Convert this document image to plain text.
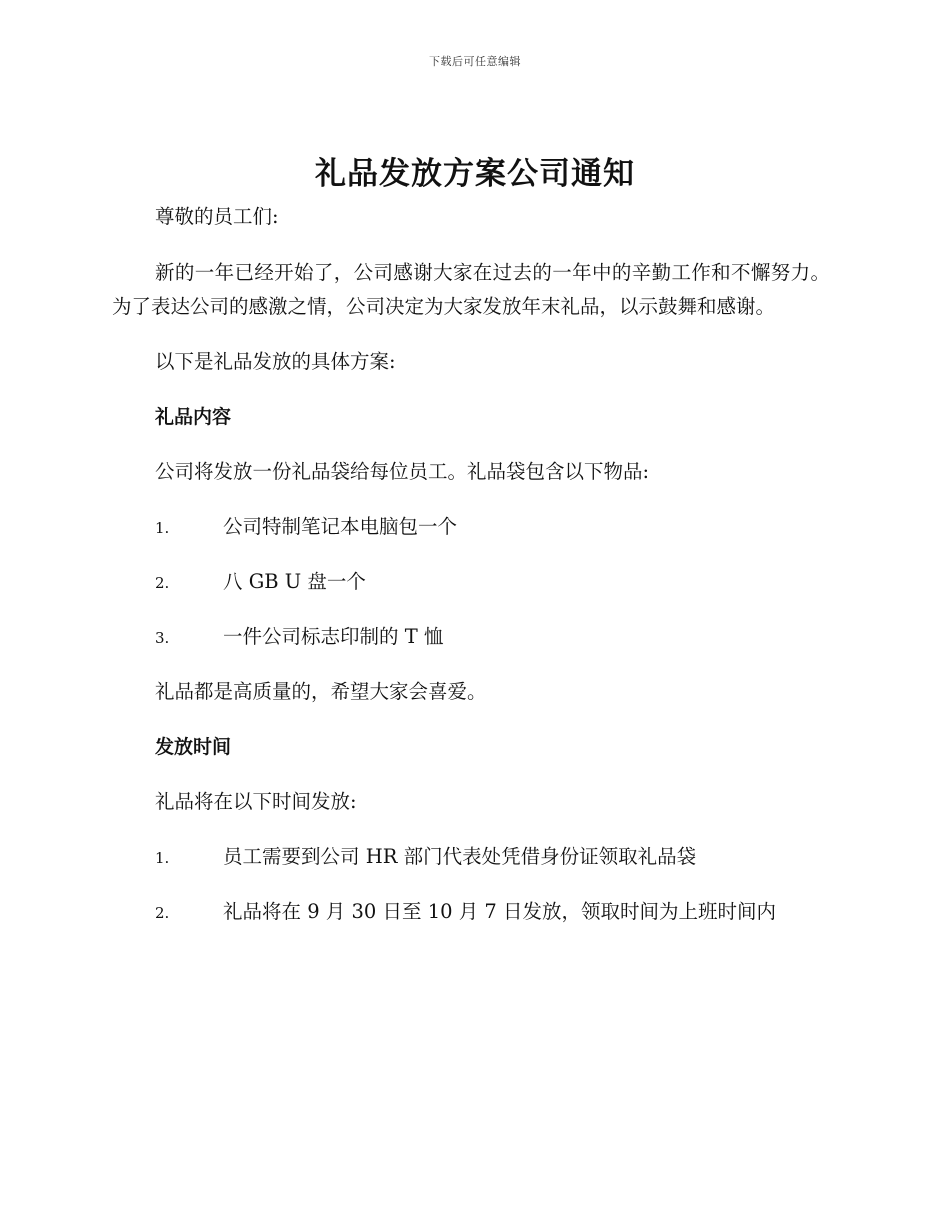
下载后可任意编辑
礼品发放方案公司通知

尊敬的员工们:

新的一年已经开始了，公司感谢大家在过去的一年中的辛勤工作和不懈努力。为了表达公司的感激之情，公司决定为大家发放年末礼品，以示鼓舞和感谢。

以下是礼品发放的具体方案:

礼品内容

公司将发放一份礼品袋给每位员工。礼品袋包含以下物品:

1.	公司特制笔记本电脑包一个
2.	八 GB U 盘一个
3.	一件公司标志印制的 T 恤

礼品都是高质量的，希望大家会喜爱。

发放时间

礼品将在以下时间发放:

1.	员工需要到公司 HR 部门代表处凭借身份证领取礼品袋
2.	礼品将在 9 月 30 日至 10 月 7 日发放，领取时间为上班时间内
